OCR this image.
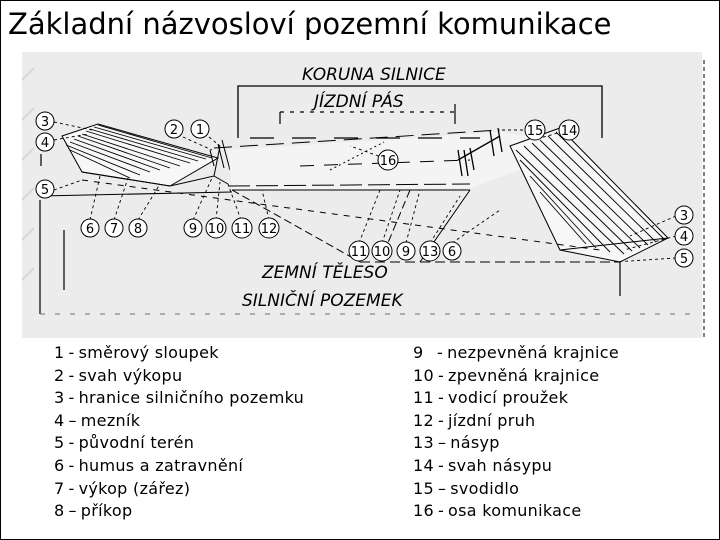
KORUNA SILNICE
JÍZDNÍ PÁS
ZEMNÍ TĚLESO
SILNIČNÍ POZEMEK
3
4
5
2 1
6 7 8	9 10 11 12
16
15 14
11 10 9 13 6
3
4
5
Základní názvosloví pozemní komunikace
1 - směrový sloupek
2 - svah výkopu
3 - hranice silničního pozemku
4 – mezník
5 - původní terén
6 - humus a zatravnění
7 - výkop (zářez)
8 – příkop
9 - nezpevněná krajnice
10 - zpevněná krajnice
11 - vodicí proužek
12 - jízdní pruh
13 – násyp
14 - svah násypu
15 – svodidlo
16 - osa komunikace
